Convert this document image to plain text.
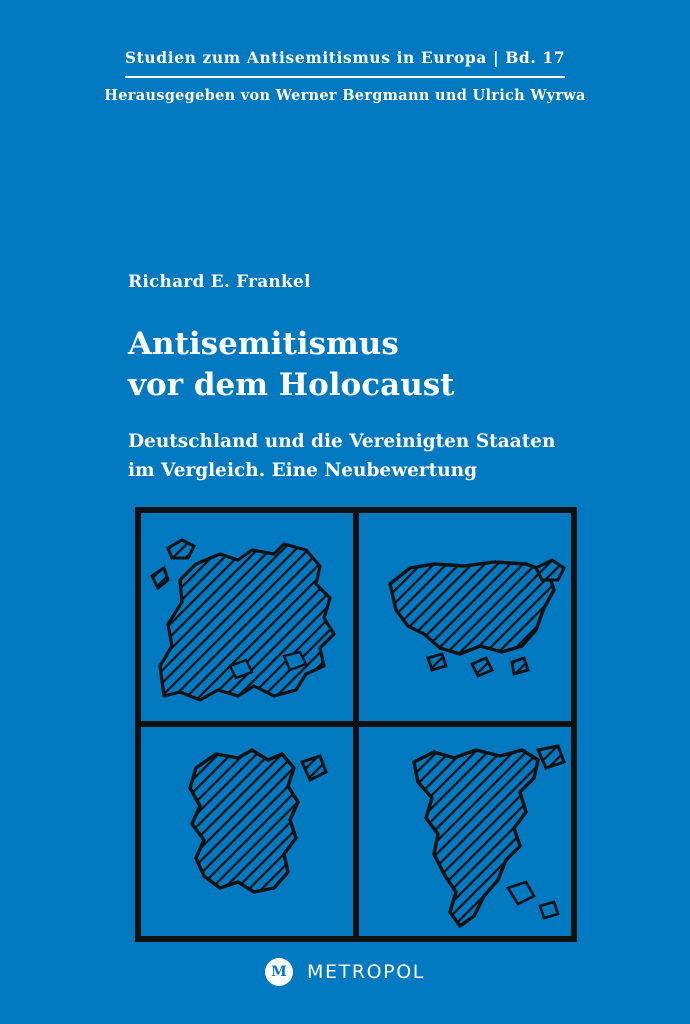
Studien zum Antisemitismus in Europa | Bd. 17
Herausgegeben von Werner Bergmann und Ulrich Wyrwa
Richard E. Frankel
Antisemitismus
vor dem Holocaust
Deutschland und die Vereinigten Staaten
im Vergleich. Eine Neubewertung
M	METROPOL
